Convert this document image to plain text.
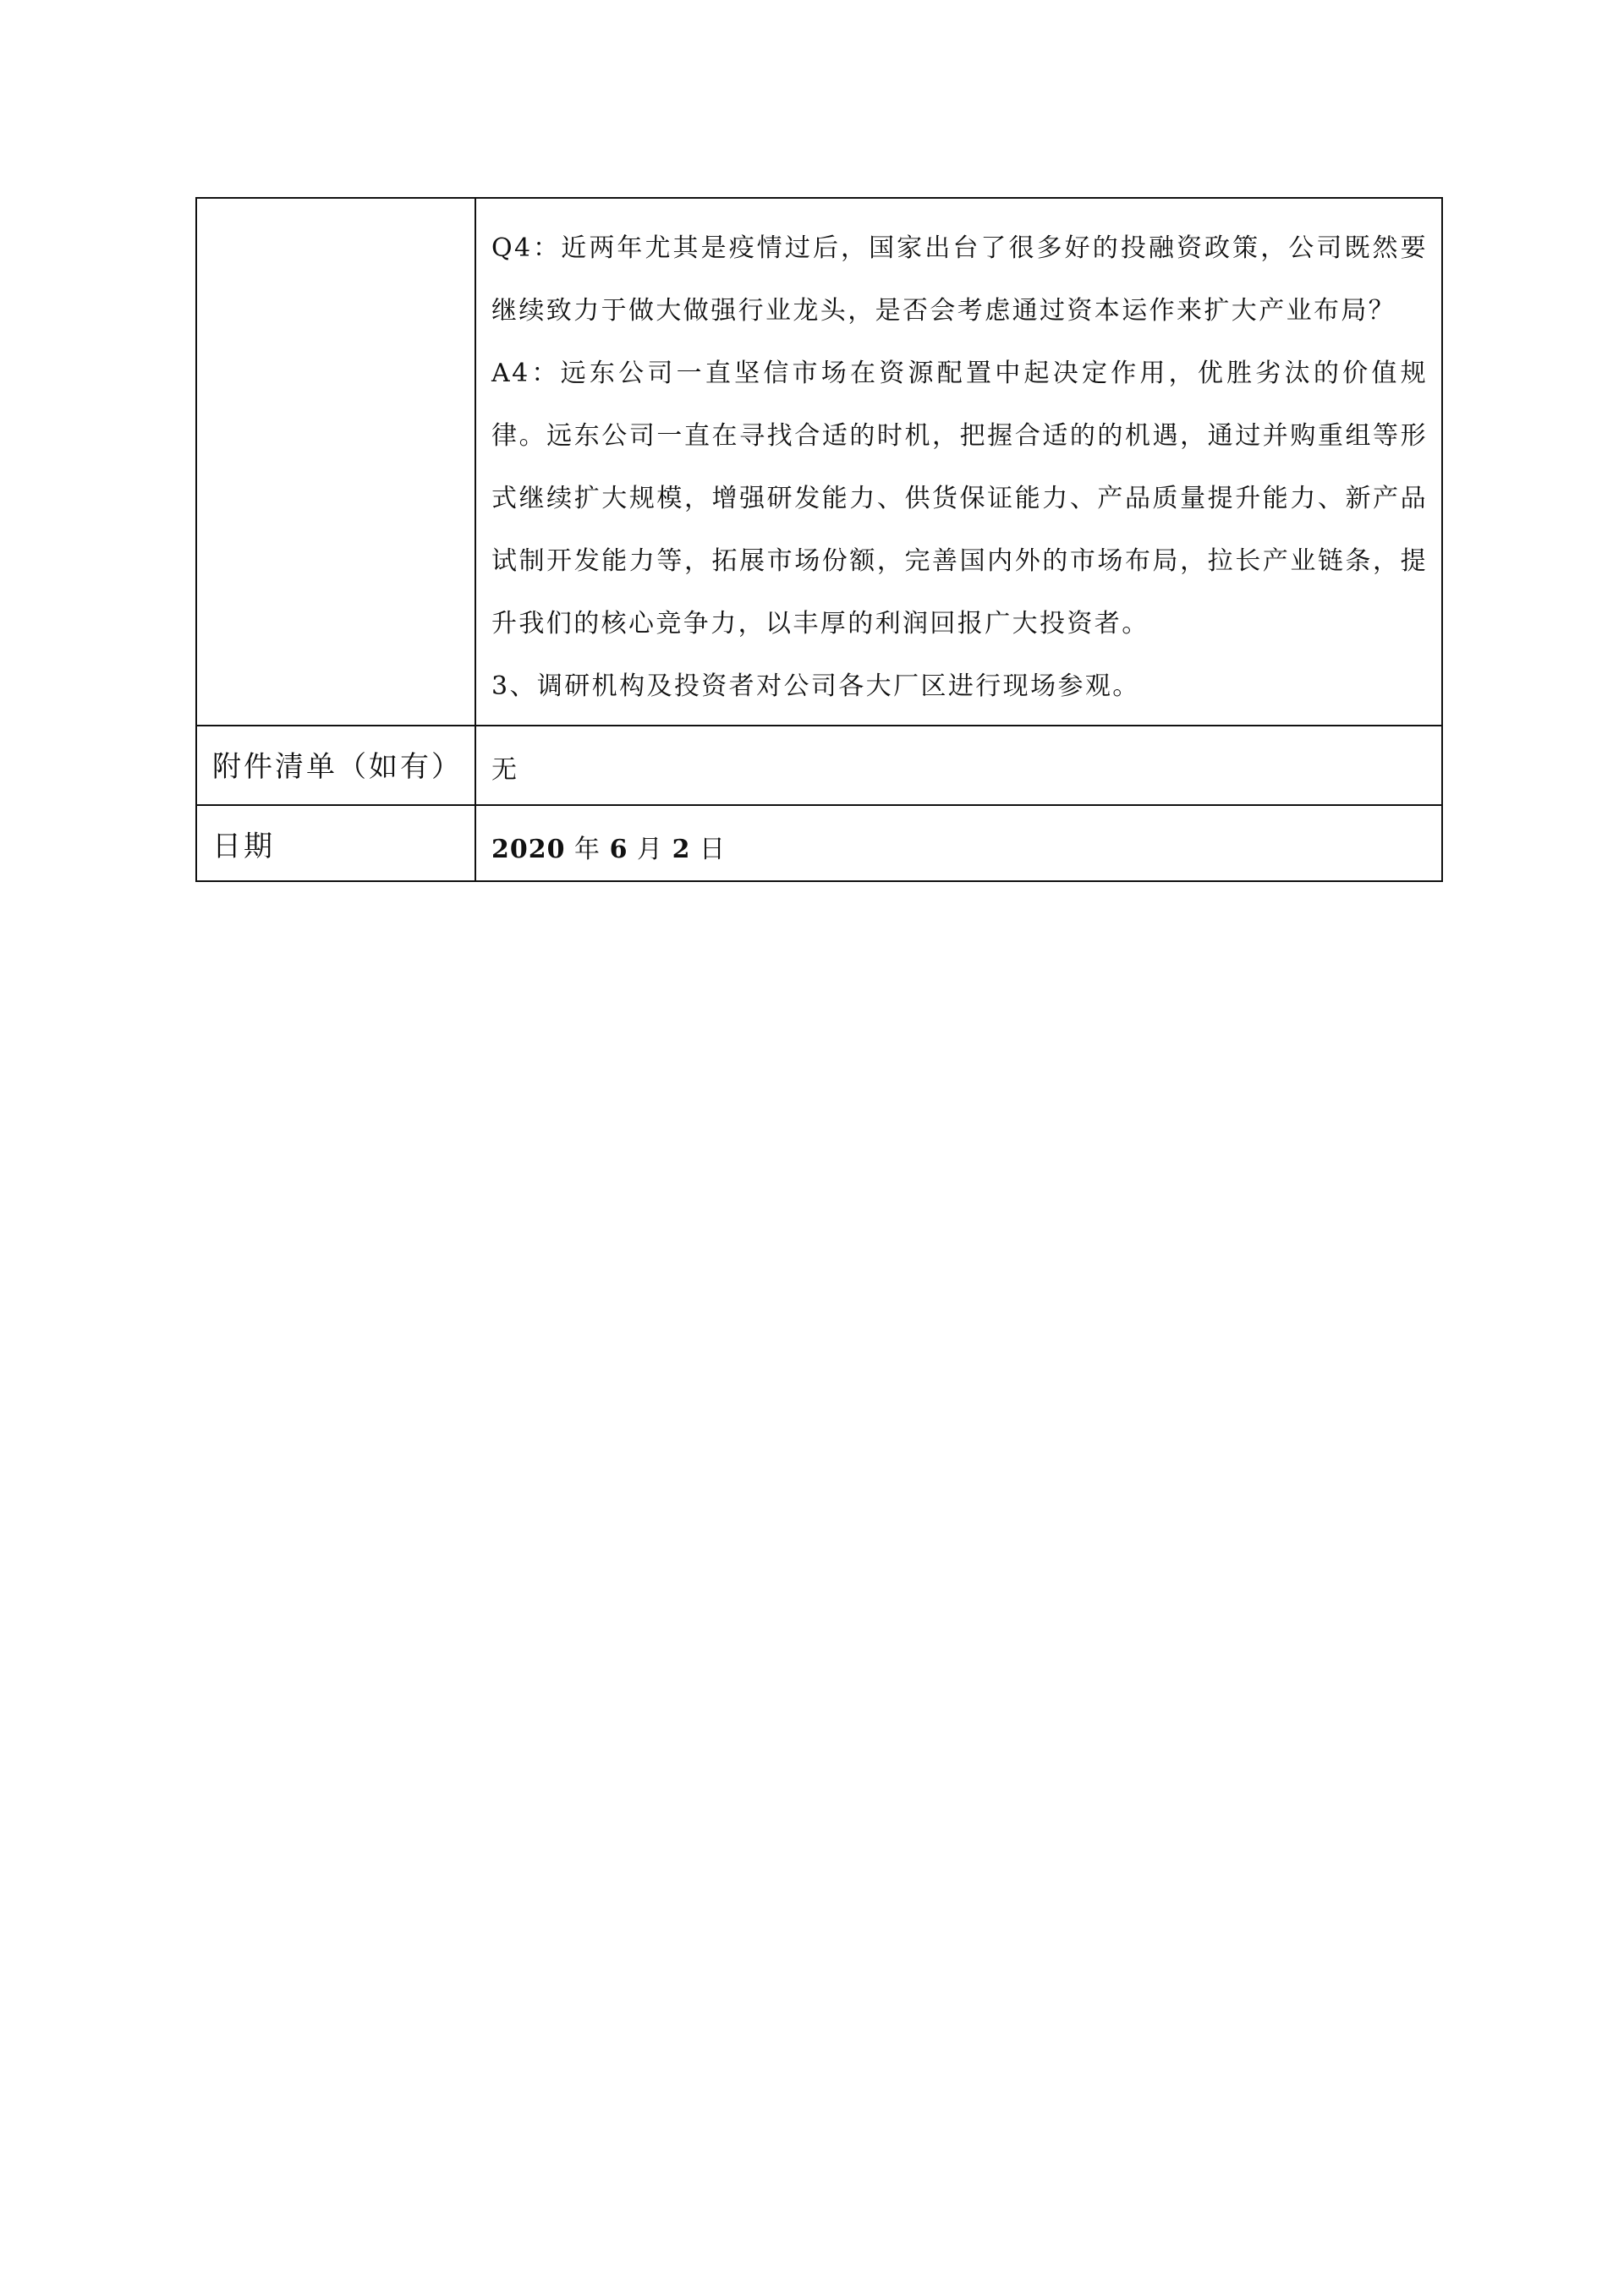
	Q4：近两年尤其是疫情过后，国家出台了很多好的投融资政策，公司既然要继续致力于做大做强行业龙头，是否会考虑通过资本运作来扩大产业布局？

A4：远东公司一直坚信市场在资源配置中起决定作用，优胜劣汰的价值规律。远东公司一直在寻找合适的时机，把握合适的的机遇，通过并购重组等形式继续扩大规模，增强研发能力、供货保证能力、产品质量提升能力、新产品试制开发能力等，拓展市场份额，完善国内外的市场布局，拉长产业链条，提升我们的核心竞争力，以丰厚的利润回报广大投资者。

3、调研机构及投资者对公司各大厂区进行现场参观。

附件清单（如有）	无
日期	2020 年 6 月 2 日
